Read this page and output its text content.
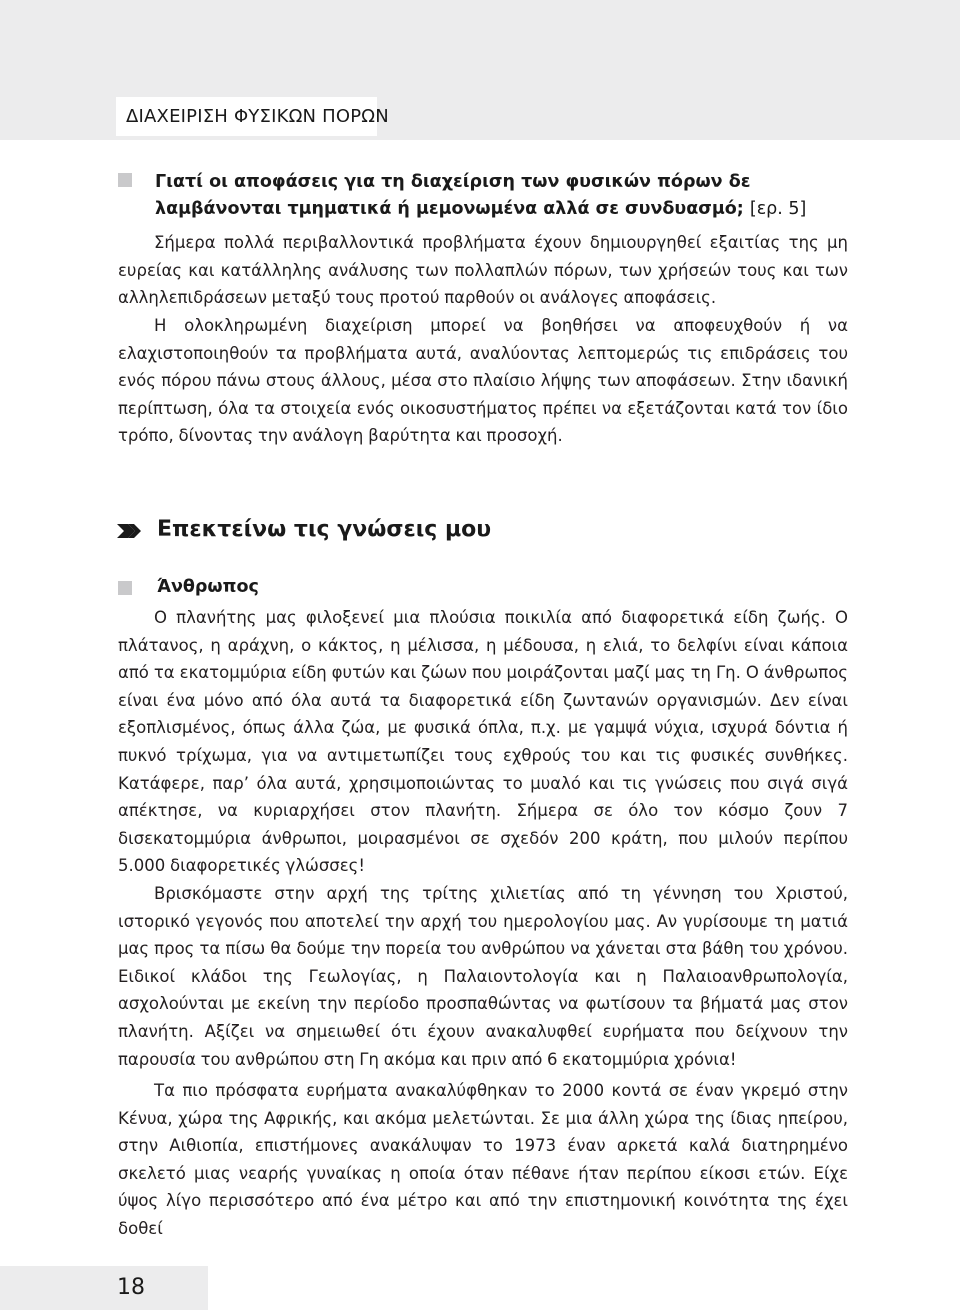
ΔΙΑΧΕΙΡΙΣΗ ΦΥΣΙΚΩΝ ΠΟΡΩΝ

Γιατί οι αποφάσεις για τη διαχείριση των φυσικών πόρων δε λαμβάνονται τμηματικά ή μεμονωμένα αλλά σε συνδυασμό; [ερ. 5]

Σήμερα πολλά περιβαλλοντικά προβλήματα έχουν δημιουργηθεί εξαιτίας της μη ευρείας και κατάλληλης ανάλυσης των πολλαπλών πόρων, των χρήσεών τους και των αλληλεπιδράσεων μεταξύ τους προτού παρθούν οι ανάλογες αποφάσεις.

Η ολοκληρωμένη διαχείριση μπορεί να βοηθήσει να αποφευχθούν ή να ελαχιστοποιηθούν τα προβλήματα αυτά, αναλύοντας λεπτομερώς τις επιδράσεις του ενός πόρου πάνω στους άλλους, μέσα στο πλαίσιο λήψης των αποφάσεων. Στην ιδανική περίπτωση, όλα τα στοιχεία ενός οικοσυστήματος πρέπει να εξετάζονται κατά τον ίδιο τρόπο, δίνοντας την ανάλογη βαρύτητα και προσοχή.

Επεκτείνω τις γνώσεις μου
Άνθρωπος

Ο πλανήτης μας φιλοξενεί μια πλούσια ποικιλία από διαφορετικά είδη ζωής. Ο πλάτανος, η αράχνη, ο κάκτος, η μέλισσα, η μέδουσα, η ελιά, το δελφίνι είναι κάποια από τα εκατομμύρια είδη φυτών και ζώων που μοιράζονται μαζί μας τη Γη. Ο άνθρωπος είναι ένα μόνο από όλα αυτά τα διαφορετικά είδη ζωντανών οργανισμών. Δεν είναι εξοπλισμένος, όπως άλλα ζώα, με φυσικά όπλα, π.χ. με γαμψά νύχια, ισχυρά δόντια ή πυκνό τρίχωμα, για να αντιμετωπίζει τους εχθρούς του και τις φυσικές συνθήκες. Κατάφερε, παρ’ όλα αυτά, χρησιμοποιώντας το μυαλό και τις γνώσεις που σιγά σιγά απέκτησε, να κυριαρχήσει στον πλανήτη. Σήμερα σε όλο τον κόσμο ζουν 7 δισεκατομμύρια άνθρωποι, μοιρασμένοι σε σχεδόν 200 κράτη, που μιλούν περίπου 5.000 διαφορετικές γλώσσες!

Βρισκόμαστε στην αρχή της τρίτης χιλιετίας από τη γέννηση του Χριστού, ιστορικό γεγονός που αποτελεί την αρχή του ημερολογίου μας. Αν γυρίσουμε τη ματιά μας προς τα πίσω θα δούμε την πορεία του ανθρώπου να χάνεται στα βάθη του χρόνου. Ειδικοί κλάδοι της Γεωλογίας, η Παλαιοντολογία και η Παλαιοανθρωπολογία, ασχολούνται με εκείνη την περίοδο προσπαθώντας να φωτίσουν τα βήματά μας στον πλανήτη. Αξίζει να σημειωθεί ότι έχουν ανακαλυφθεί ευρήματα που δείχνουν την παρουσία του ανθρώπου στη Γη ακόμα και πριν από 6 εκατομμύρια χρόνια!

Τα πιο πρόσφατα ευρήματα ανακαλύφθηκαν το 2000 κοντά σε έναν γκρεμό στην Κένυα, χώρα της Αφρικής, και ακόμα μελετώνται. Σε μια άλλη χώρα της ίδιας ηπείρου, στην Αιθιοπία, επιστήμονες ανακάλυψαν το 1973 έναν αρκετά καλά διατηρημένο σκελετό μιας νεαρής γυναίκας η οποία όταν πέθανε ήταν περίπου είκοσι ετών. Είχε ύψος λίγο περισσότερο από ένα μέτρο και από την επιστημονική κοινότητα της έχει δοθεί

18
